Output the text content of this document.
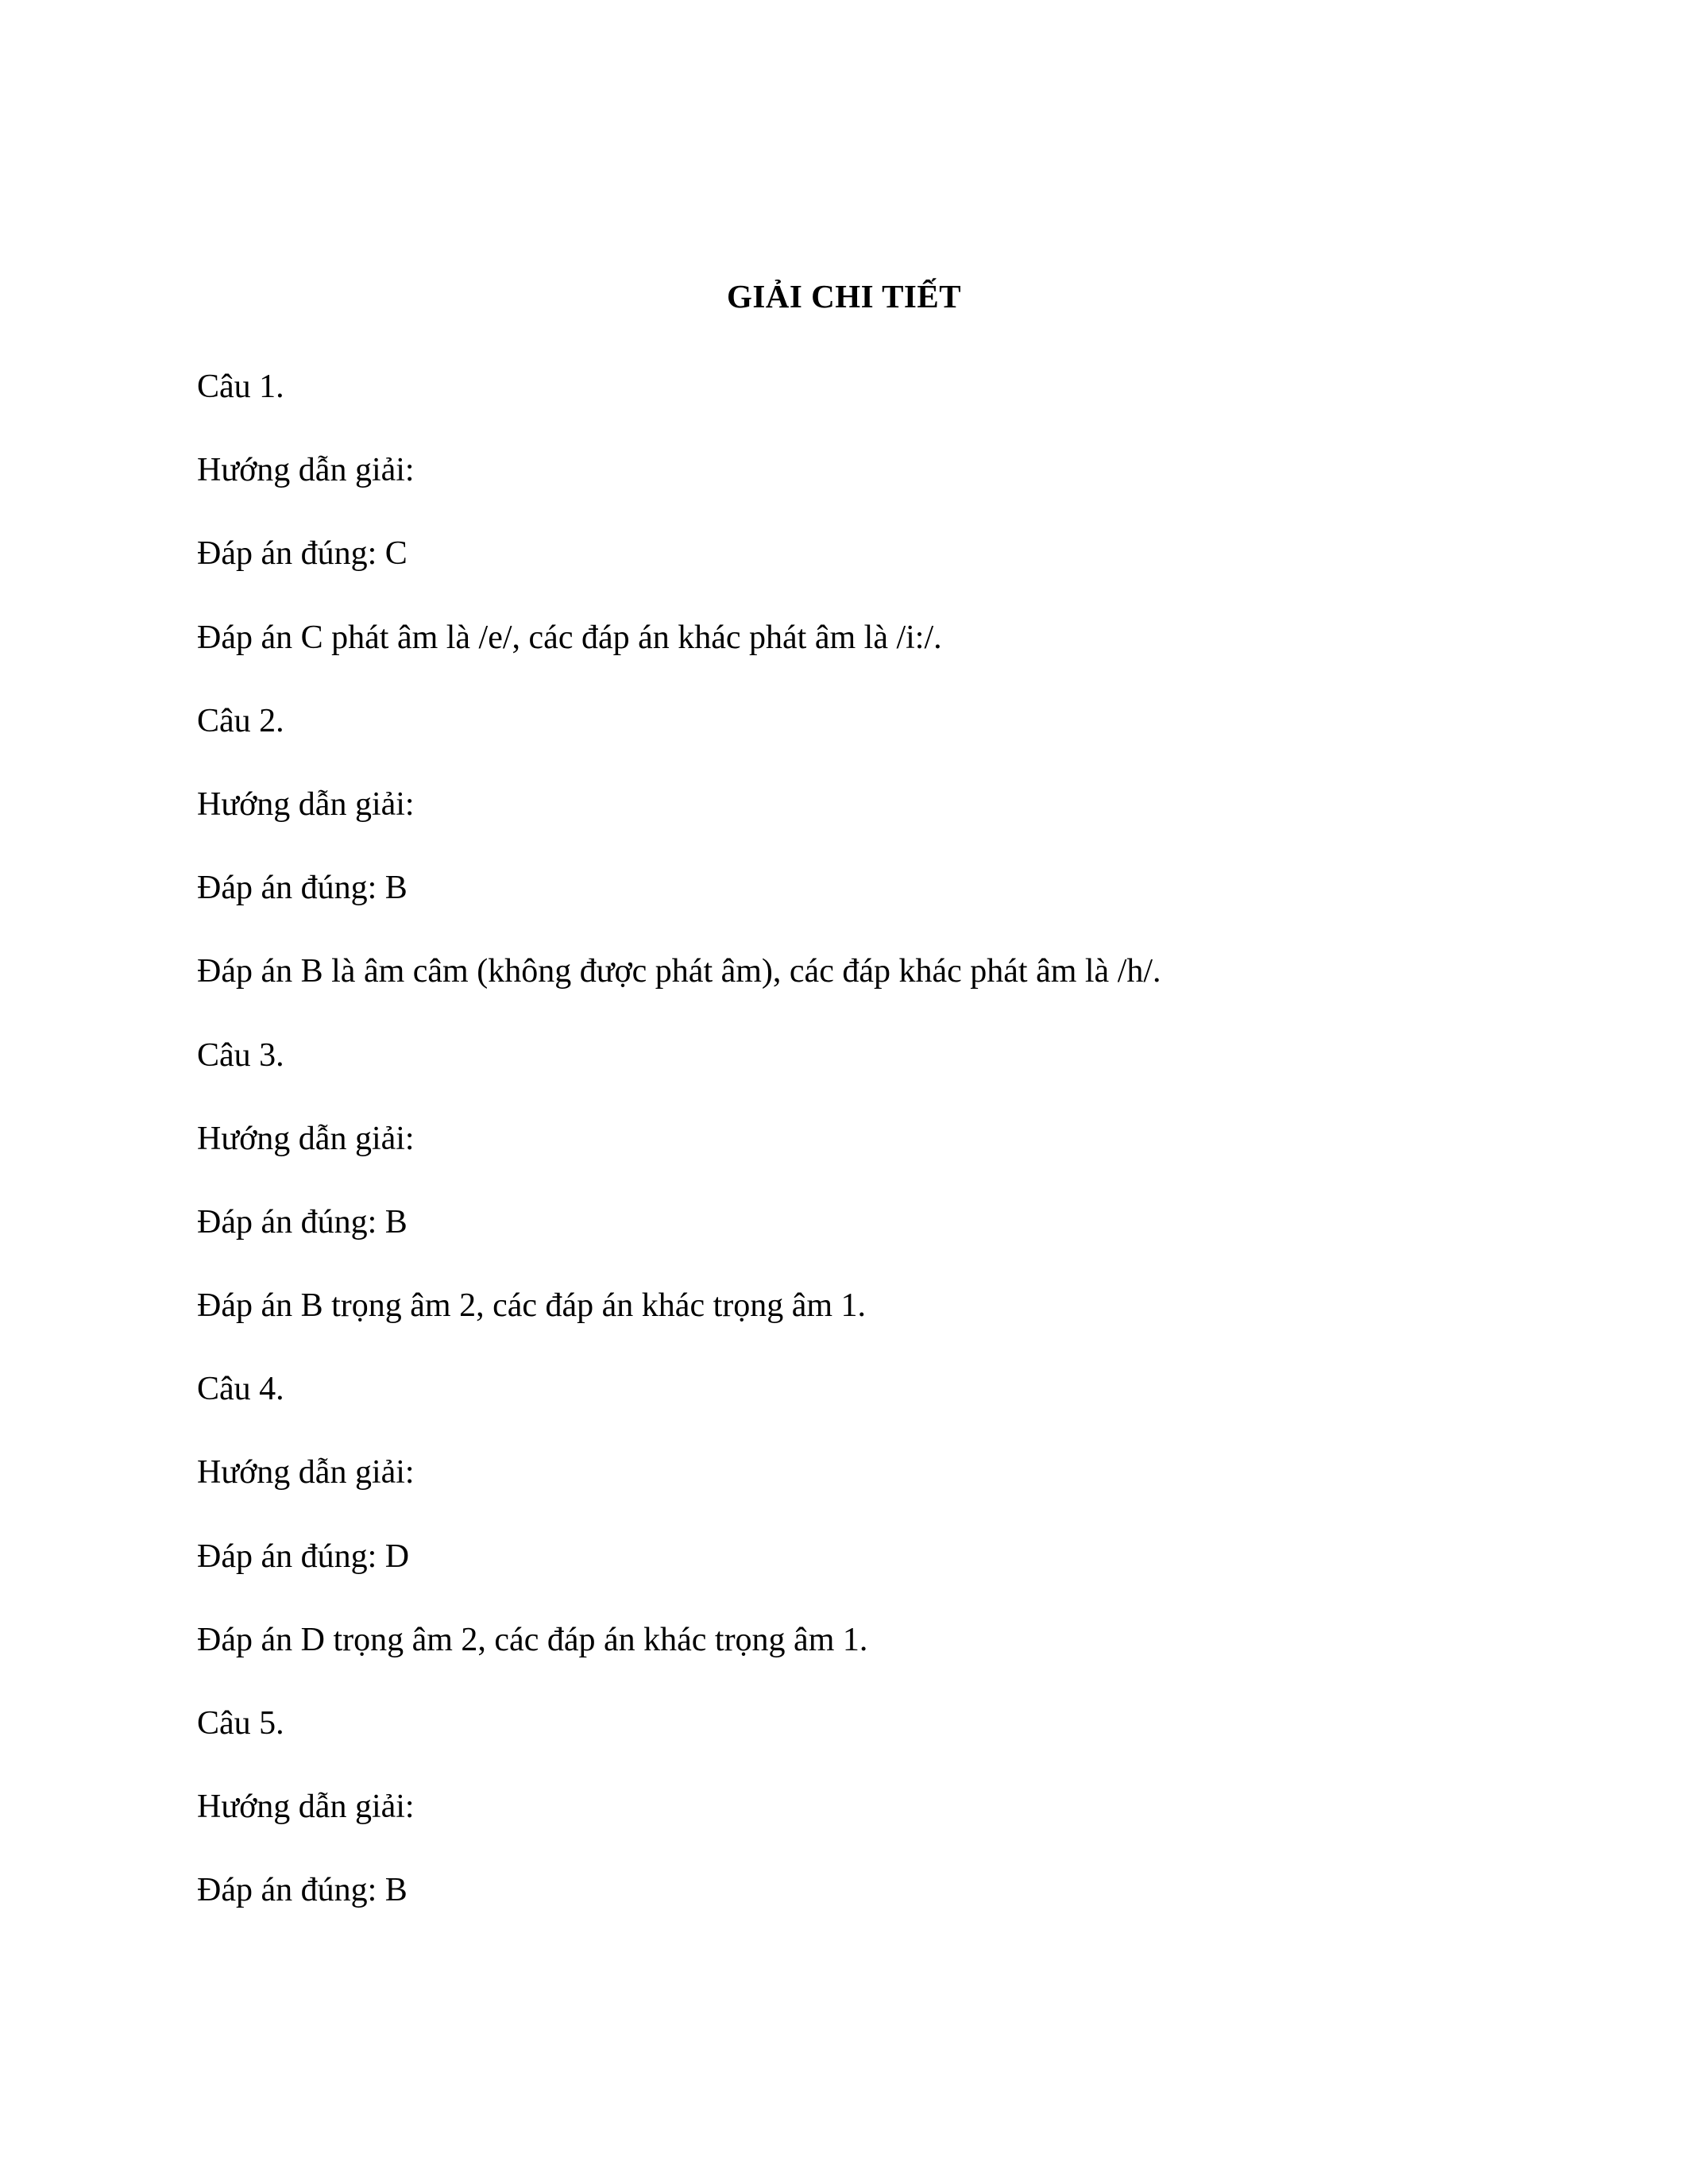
GIẢI CHI TIẾT
Câu 1.
Hướng dẫn giải:
Đáp án đúng: C
Đáp án C phát âm là /e/, các đáp án khác phát âm là /i:/.
Câu 2.
Hướng dẫn giải:
Đáp án đúng: B
Đáp án B là âm câm (không được phát âm), các đáp khác phát âm là /h/.
Câu 3.
Hướng dẫn giải:
Đáp án đúng: B
Đáp án B trọng âm 2, các đáp án khác trọng âm 1.
Câu 4.
Hướng dẫn giải:
Đáp án đúng: D
Đáp án D trọng âm 2, các đáp án khác trọng âm 1.
Câu 5.
Hướng dẫn giải:
Đáp án đúng: B
